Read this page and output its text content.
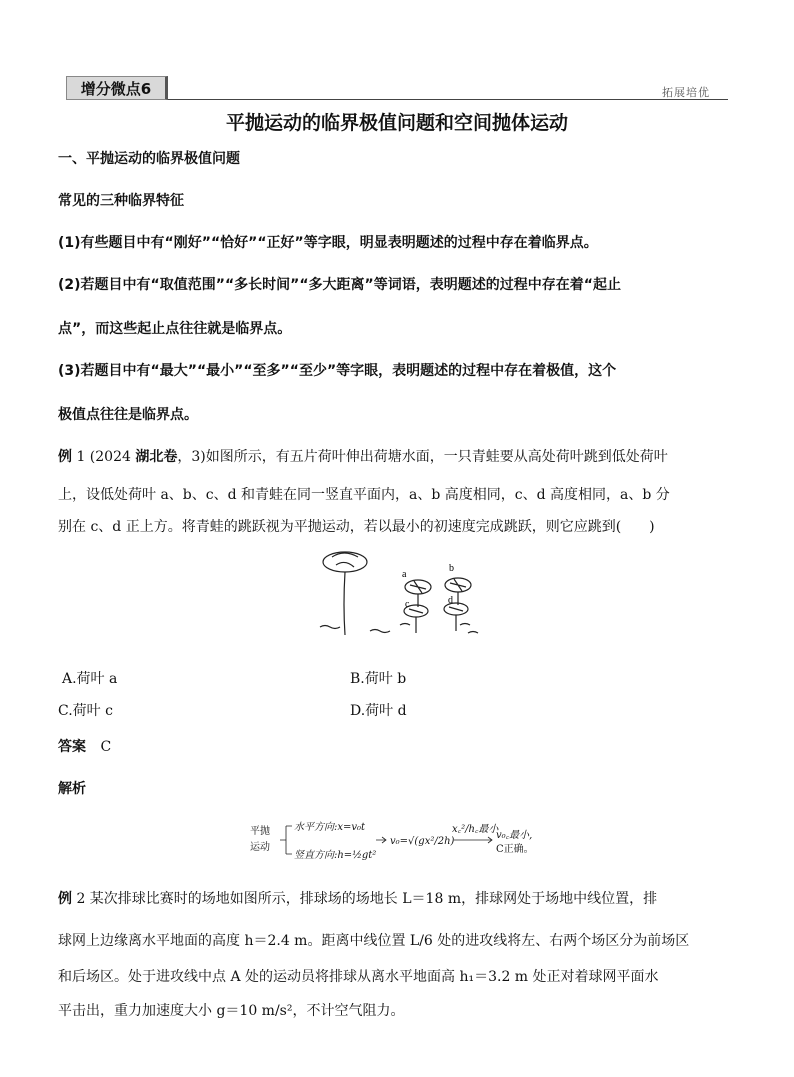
增分微点6	拓展培优
平抛运动的临界极值问题和空间抛体运动
一、平抛运动的临界极值问题
常见的三种临界特征
(1)有些题目中有“刚好”“恰好”“正好”等字眼，明显表明题述的过程中存在着临界点。
(2)若题目中有“取值范围”“多长时间”“多大距离”等词语，表明题述的过程中存在着“起止
点”，而这些起止点往往就是临界点。
(3)若题目中有“最大”“最小”“至多”“至少”等字眼，表明题述的过程中存在着极值，这个
极值点往往是临界点。
例 1 (2024 湖北卷，3)如图所示，有五片荷叶伸出荷塘水面，一只青蛙要从高处荷叶跳到低处荷叶
上，设低处荷叶 a、b、c、d 和青蛙在同一竖直平面内，a、b 高度相同，c、d 高度相同，a、b 分
别在 c、d 正上方。将青蛙的跳跃视为平抛运动，若以最小的初速度完成跳跃，则它应跳到(　　)
a
b
c	d
A.荷叶 a	B.荷叶 b
C.荷叶 c	D.荷叶 d
答案 C
解析
平抛
运动
水平方向:x=v₀t
竖直方向:h=½gt²
v₀=√(gx²/2h)
x꜀²/h꜀最小
v₀꜀最小,
C正确。
例 2 某次排球比赛时的场地如图所示，排球场的场地长 L＝18 m，排球网处于场地中线位置，排
球网上边缘离水平地面的高度 h＝2.4 m。距离中线位置 L/6 处的进攻线将左、右两个场区分为前场区
和后场区。处于进攻线中点 A 处的运动员将排球从离水平地面高 h₁＝3.2 m 处正对着球网平面水
平击出，重力加速度大小 g＝10 m/s²，不计空气阻力。
